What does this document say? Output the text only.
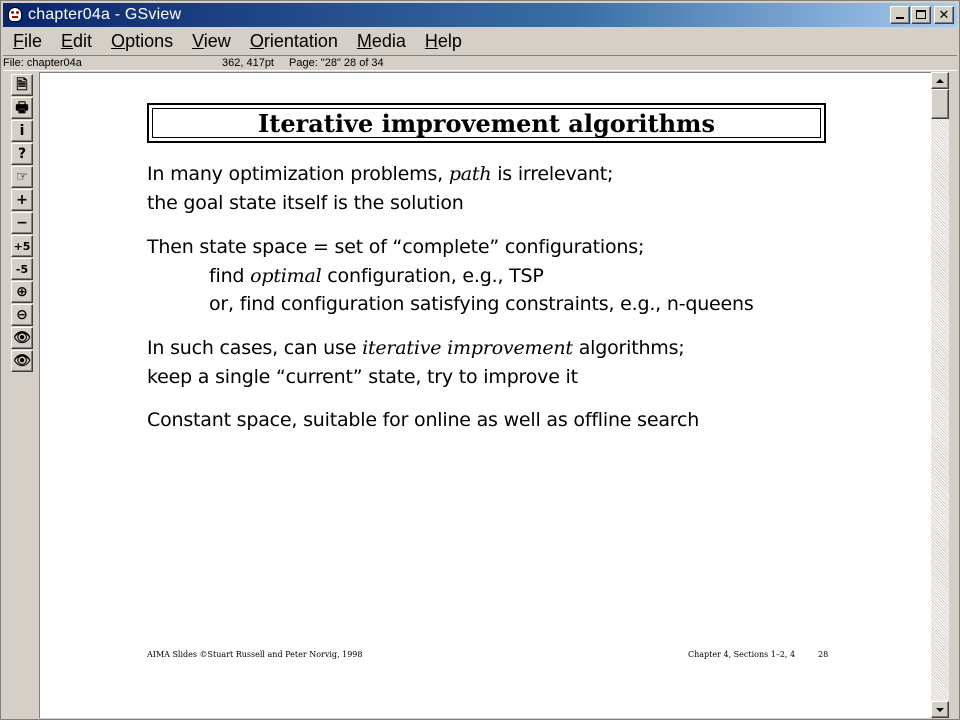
chapter04a - GSview	✕
File	Edit	Options	View	Orientation	Media	Help
File: chapter04a	362, 417pt Page: "28" 28 of 34
🗎
🖶
i
?
☞
+
−
+5
-5
⊕
⊖
👁
👁
Iterative improvement algorithms
In many optimization problems, path is irrelevant;
the goal state itself is the solution
Then state space = set of “complete” configurations;
find optimal configuration, e.g., TSP
or, find configuration satisfying constraints, e.g., n-queens
In such cases, can use iterative improvement algorithms;
keep a single “current” state, try to improve it
Constant space, suitable for online as well as offline search
AIMA Slides ©Stuart Russell and Peter Norvig, 1998	Chapter 4, Sections 1–2, 4	28
